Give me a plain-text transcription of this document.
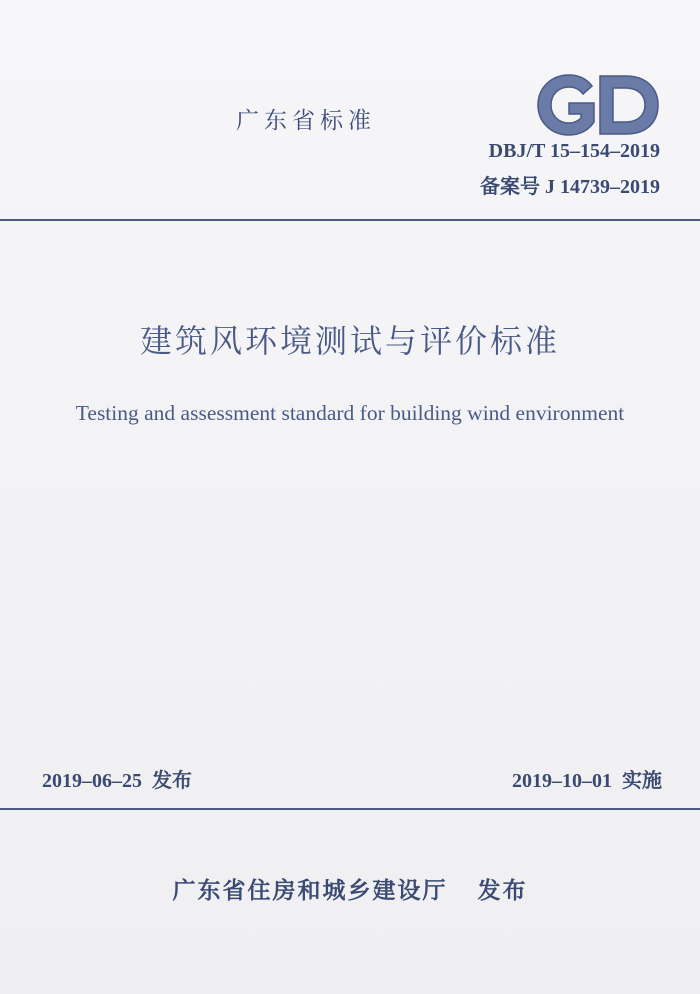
广东省标准
DBJ/T 15–154–2019
备案号 J 14739–2019
建筑风环境测试与评价标准
Testing and assessment standard for building wind environment
2019–06–25 发布	2019–10–01 实施
广东省住房和城乡建设厅 发布
